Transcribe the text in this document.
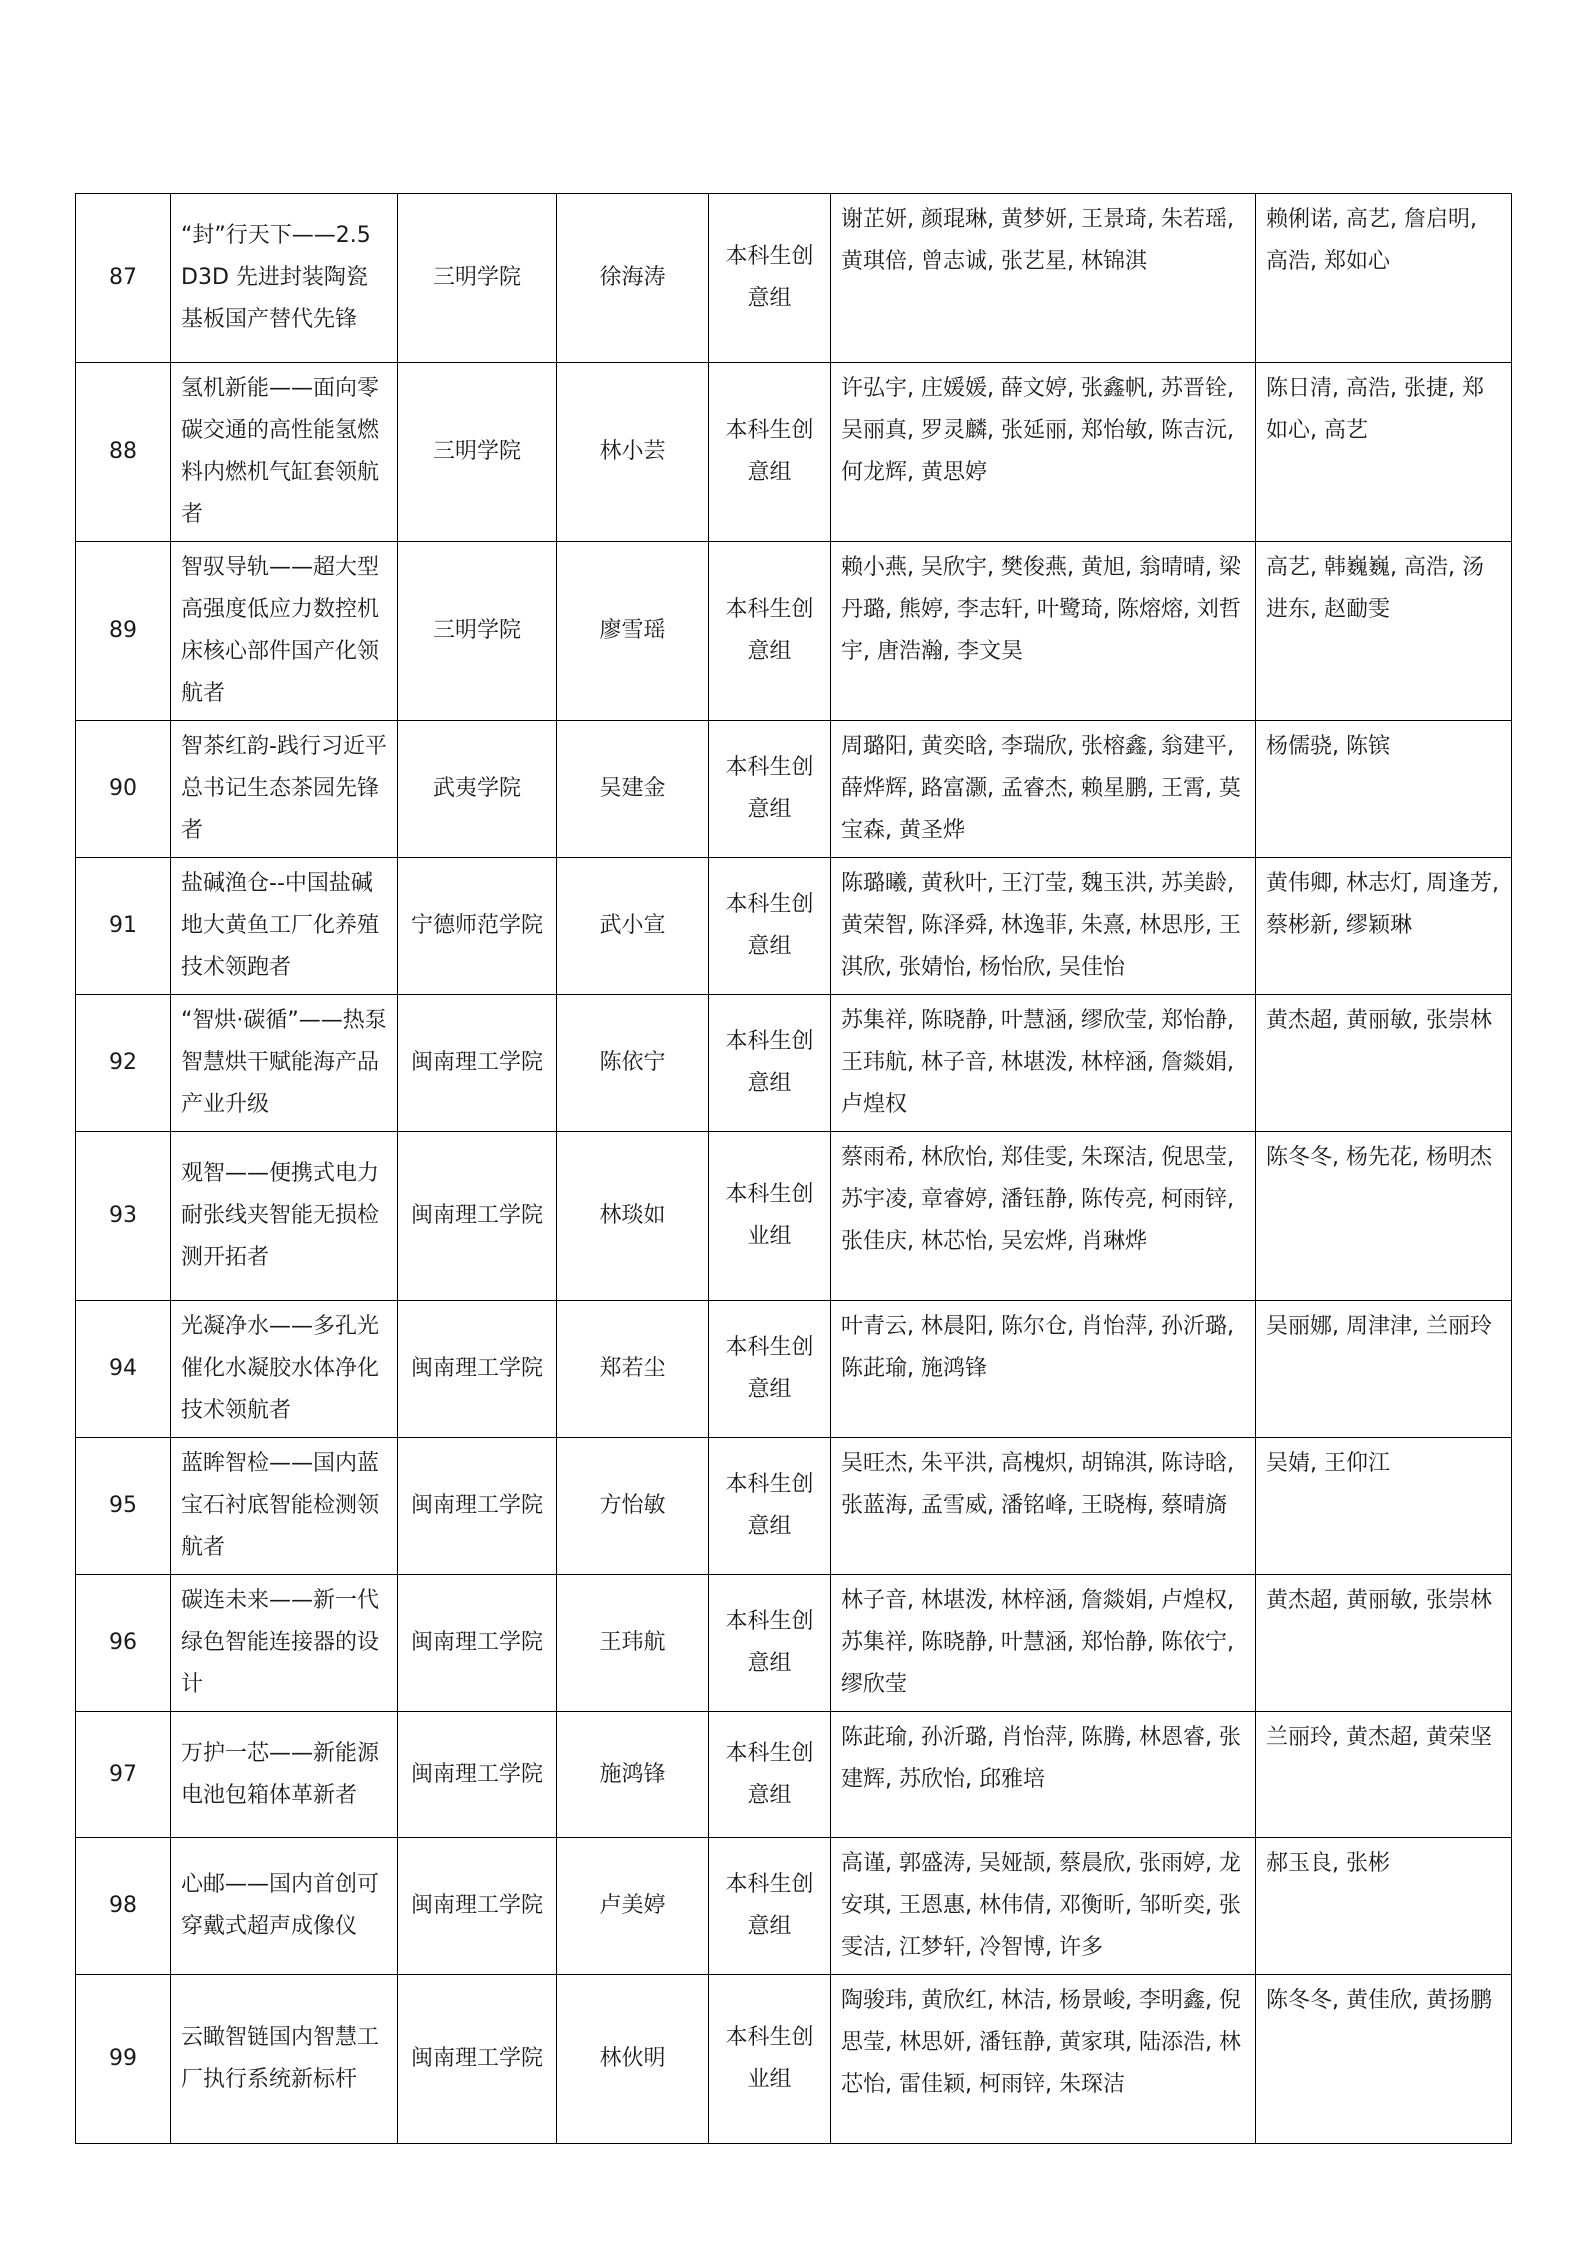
87	“封”行天下——2.5D3D 先进封装陶瓷基板国产替代先锋	三明学院	徐海涛	本科生创意组	谢芷妍, 颜琨琳, 黄梦妍, 王景琦, 朱若瑶, 黄琪倍, 曾志诚, 张艺星, 林锦淇	赖俐诺, 高艺, 詹启明, 高浩, 郑如心
88	氢机新能——面向零碳交通的高性能氢燃料内燃机气缸套领航者	三明学院	林小芸	本科生创意组	许弘宇, 庄媛媛, 薛文婷, 张鑫帆, 苏晋铨, 吴丽真, 罗灵麟, 张延丽, 郑怡敏, 陈吉沅, 何龙辉, 黄思婷	陈日清, 高浩, 张捷, 郑如心, 高艺
89	智驭导轨——超大型高强度低应力数控机床核心部件国产化领航者	三明学院	廖雪瑶	本科生创意组	赖小燕, 吴欣宇, 樊俊燕, 黄旭, 翁晴晴, 梁丹璐, 熊婷, 李志轩, 叶鹭琦, 陈熔熔, 刘哲宇, 唐浩瀚, 李文昊	高艺, 韩巍巍, 高浩, 汤进东, 赵勔雯
90	智茶红韵-践行习近平总书记生态茶园先锋者	武夷学院	吴建金	本科生创意组	周璐阳, 黄奕晗, 李瑞欣, 张榕鑫, 翁建平, 薛烨辉, 路富灏, 孟睿杰, 赖星鹏, 王霄, 莫宝森, 黄圣烨	杨儒骁, 陈镔
91	盐碱渔仓--中国盐碱地大黄鱼工厂化养殖技术领跑者	宁德师范学院	武小宣	本科生创意组	陈璐曦, 黄秋叶, 王汀莹, 魏玉洪, 苏美龄, 黄荣智, 陈泽舜, 林逸菲, 朱熹, 林思彤, 王淇欣, 张婧怡, 杨怡欣, 吴佳怡	黄伟卿, 林志灯, 周逢芳, 蔡彬新, 缪颖琳
92	“智烘·碳循”——热泵智慧烘干赋能海产品产业升级	闽南理工学院	陈依宁	本科生创意组	苏集祥, 陈晓静, 叶慧涵, 缪欣莹, 郑怡静, 王玮航, 林子音, 林堪泼, 林梓涵, 詹燚娟, 卢煌权	黄杰超, 黄丽敏, 张崇林
93	观智——便携式电力耐张线夹智能无损检测开拓者	闽南理工学院	林琰如	本科生创业组	蔡雨希, 林欣怡, 郑佳雯, 朱琛洁, 倪思莹, 苏宇凌, 章睿婷, 潘钰静, 陈传亮, 柯雨锌, 张佳庆, 林芯怡, 吴宏烨, 肖琳烨	陈冬冬, 杨先花, 杨明杰
94	光凝净水——多孔光催化水凝胶水体净化技术领航者	闽南理工学院	郑若尘	本科生创意组	叶青云, 林晨阳, 陈尔仓, 肖怡萍, 孙沂璐, 陈茈瑜, 施鸿锋	吴丽娜, 周津津, 兰丽玲
95	蓝眸智检——国内蓝宝石衬底智能检测领航者	闽南理工学院	方怡敏	本科生创意组	吴旺杰, 朱平洪, 高槐炽, 胡锦淇, 陈诗晗, 张蓝海, 孟雪威, 潘铭峰, 王晓梅, 蔡晴旖	吴婧, 王仰江
96	碳连未来——新一代绿色智能连接器的设计	闽南理工学院	王玮航	本科生创意组	林子音, 林堪泼, 林梓涵, 詹燚娟, 卢煌权, 苏集祥, 陈晓静, 叶慧涵, 郑怡静, 陈依宁, 缪欣莹	黄杰超, 黄丽敏, 张崇林
97	万护一芯——新能源电池包箱体革新者	闽南理工学院	施鸿锋	本科生创意组	陈茈瑜, 孙沂璐, 肖怡萍, 陈腾, 林恩睿, 张建辉, 苏欣怡, 邱雅培	兰丽玲, 黄杰超, 黄荣坚
98	心邮——国内首创可穿戴式超声成像仪	闽南理工学院	卢美婷	本科生创意组	高谨, 郭盛涛, 吴娅颉, 蔡晨欣, 张雨婷, 龙安琪, 王恩惠, 林伟倩, 邓衡昕, 邹昕奕, 张雯洁, 江梦轩, 冷智博, 许多	郝玉良, 张彬
99	云瞰智链国内智慧工厂执行系统新标杆	闽南理工学院	林伙明	本科生创业组	陶骏玮, 黄欣红, 林洁, 杨景峻, 李明鑫, 倪思莹, 林思妍, 潘钰静, 黄家琪, 陆添浩, 林芯怡, 雷佳颖, 柯雨锌, 朱琛洁	陈冬冬, 黄佳欣, 黄扬鹏
